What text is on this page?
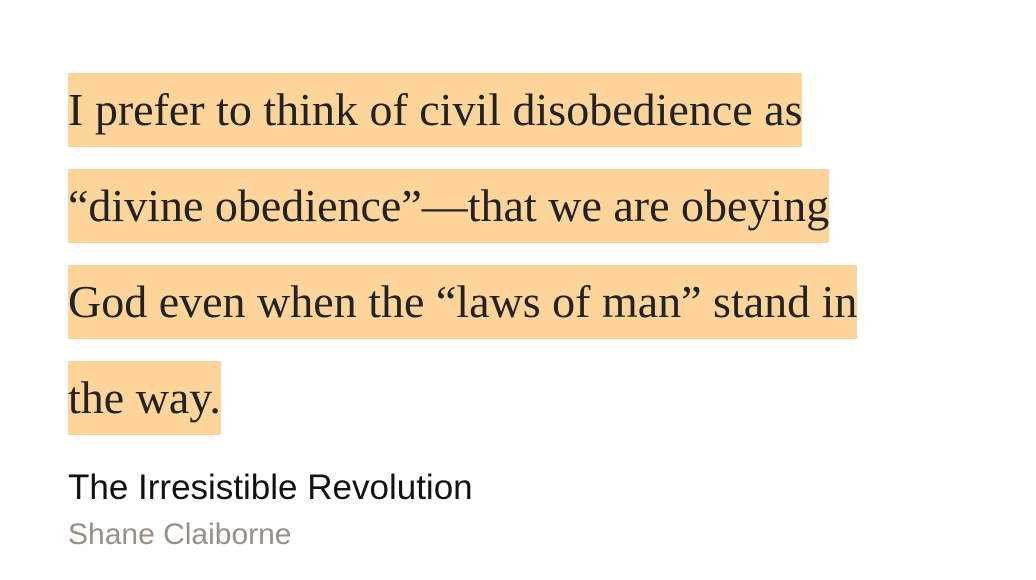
I prefer to think of civil disobedience as
“divine obedience”—that we are obeying
God even when the “laws of man” stand in
the way.
The Irresistible Revolution
Shane Claiborne
